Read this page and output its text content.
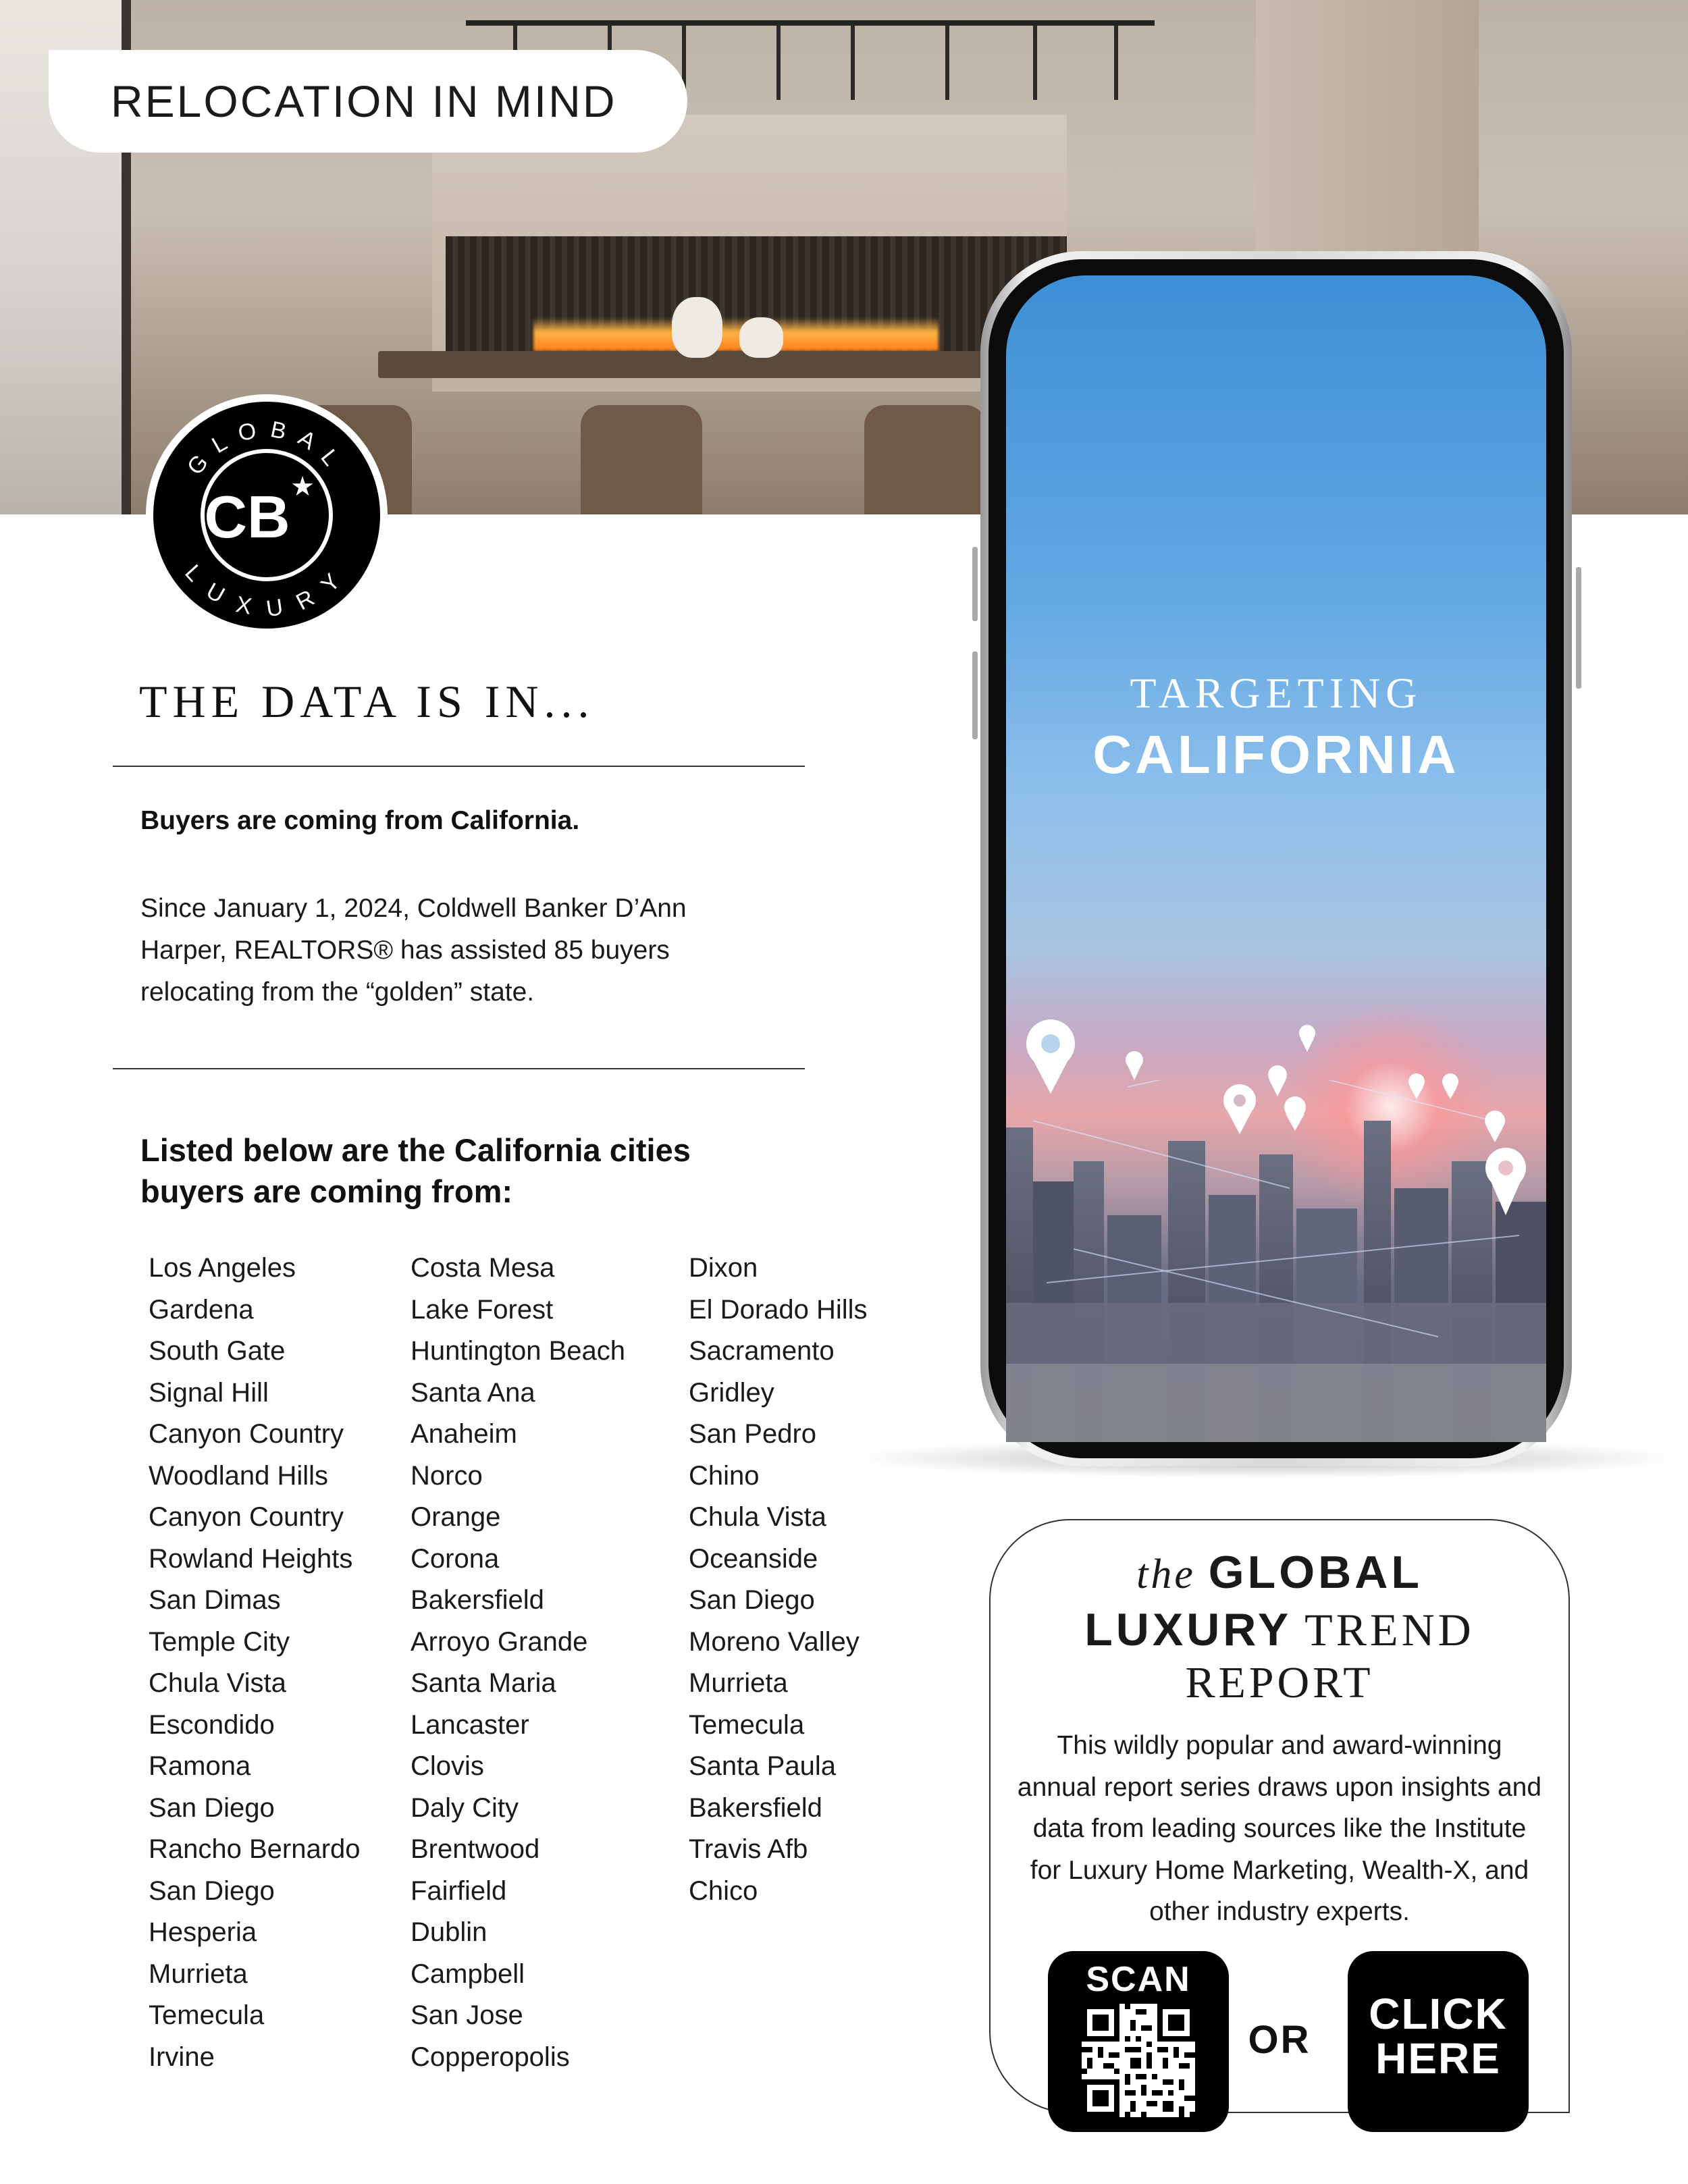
RELOCATION IN MIND
CB ★
GLOBAL
LUXURY
THE DATA IS IN...
Buyers are coming from California.
Since January 1, 2024, Coldwell Banker D’Ann Harper, REALTORS® has assisted 85 buyers relocating from the “golden” state.
Listed below are the California cities buyers are coming from:
Los Angeles
Gardena
South Gate
Signal Hill
Canyon Country
Woodland Hills
Canyon Country
Rowland Heights
San Dimas
Temple City
Chula Vista
Escondido
Ramona
San Diego
Rancho Bernardo
San Diego
Hesperia
Murrieta
Temecula
Irvine
Costa Mesa
Lake Forest
Huntington Beach
Santa Ana
Anaheim
Norco
Orange
Corona
Bakersfield
Arroyo Grande
Santa Maria
Lancaster
Clovis
Daly City
Brentwood
Fairfield
Dublin
Campbell
San Jose
Copperopolis
Dixon
El Dorado Hills
Sacramento
Gridley
San Pedro
Chino
Chula Vista
Oceanside
San Diego
Moreno Valley
Murrieta
Temecula
Santa Paula
Bakersfield
Travis Afb
Chico
TARGETING
CALIFORNIA
the GLOBAL
LUXURY TREND
REPORT
This wildly popular and award-winning annual report series draws upon insights and data from leading sources like the Institute for Luxury Home Marketing, Wealth-X, and other industry experts.
SCAN
OR
CLICK
HERE
